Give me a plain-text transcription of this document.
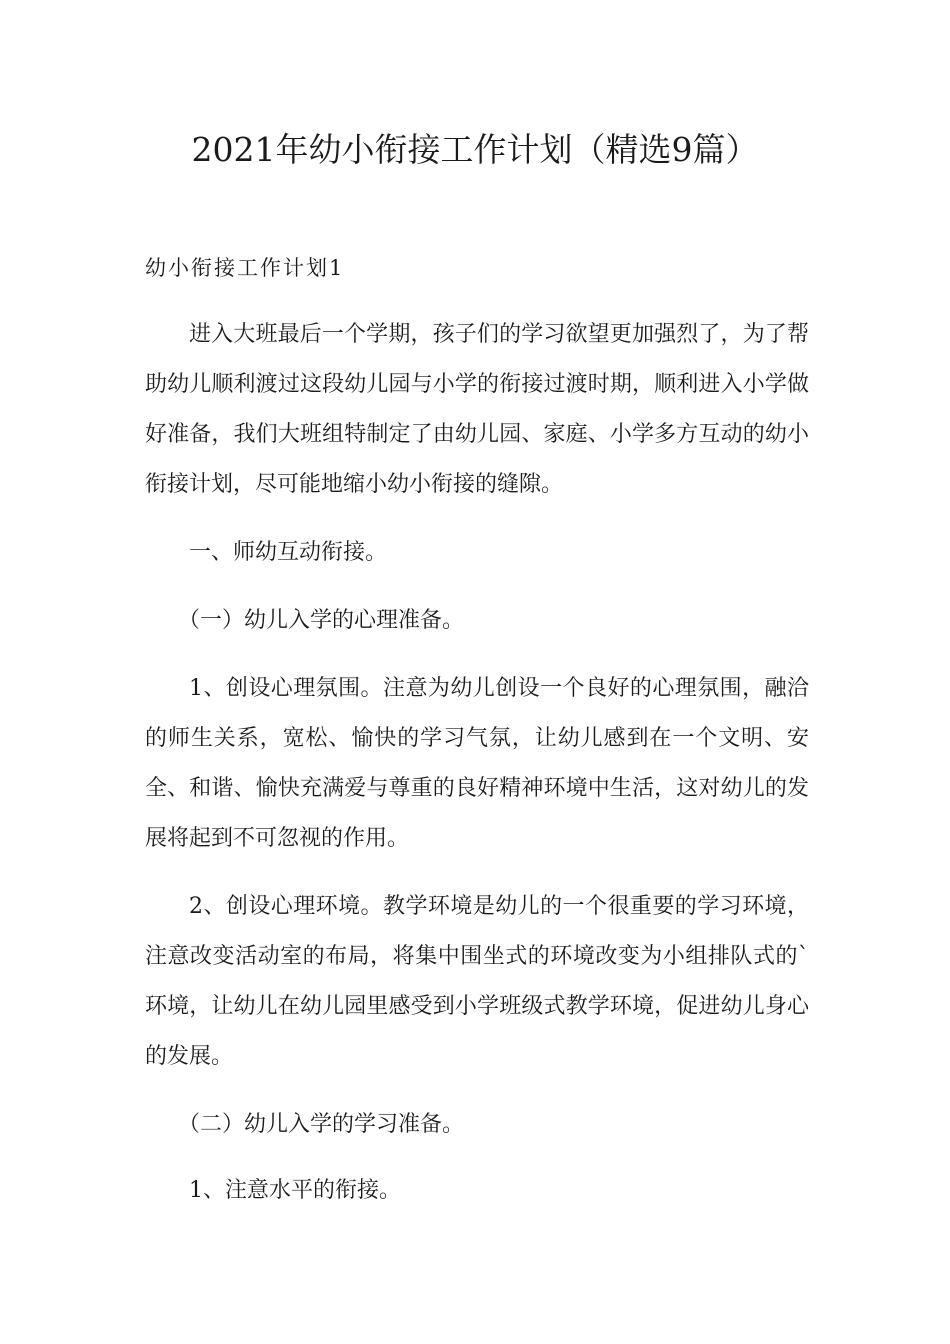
2021年幼小衔接工作计划（精选9篇）
幼小衔接工作计划1

进入大班最后一个学期，孩子们的学习欲望更加强烈了，为了帮助幼儿顺利渡过这段幼儿园与小学的衔接过渡时期，顺利进入小学做好准备，我们大班组特制定了由幼儿园、家庭、小学多方互动的幼小衔接计划，尽可能地缩小幼小衔接的缝隙。

一、师幼互动衔接。

（一）幼儿入学的心理准备。

1、创设心理氛围。注意为幼儿创设一个良好的心理氛围，融洽的师生关系，宽松、愉快的学习气氛，让幼儿感到在一个文明、安全、和谐、愉快充满爱与尊重的良好精神环境中生活，这对幼儿的发展将起到不可忽视的作用。

2、创设心理环境。教学环境是幼儿的一个很重要的学习环境，注意改变活动室的布局，将集中围坐式的环境改变为小组排队式的`环境，让幼儿在幼儿园里感受到小学班级式教学环境，促进幼儿身心的发展。

（二）幼儿入学的学习准备。

1、注意水平的衔接。
